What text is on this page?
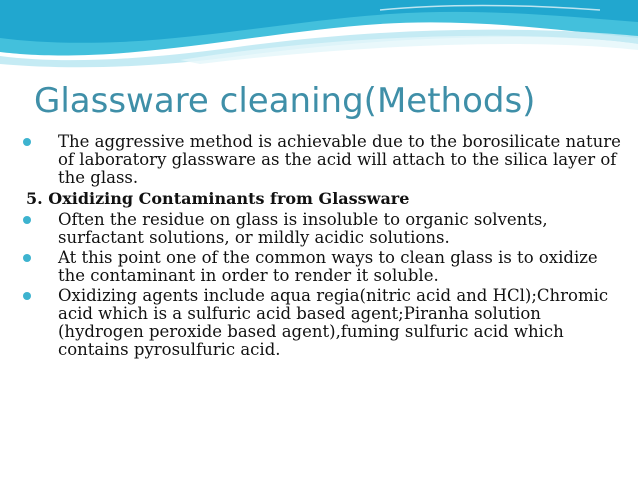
Glassware cleaning(Methods)
The aggressive method is achievable due to the borosilicate nature of laboratory glassware as the acid will attach to the silica layer of the glass.
5. Oxidizing Contaminants from Glassware
Often the residue on glass is insoluble to organic solvents, surfactant solutions, or mildly acidic solutions.
At this point one of the common ways to clean glass is to oxidize the contaminant in order to render it soluble.
Oxidizing agents include aqua regia(nitric acid and HCl);Chromic acid which is a sulfuric acid based agent;Piranha solution (hydrogen peroxide based agent),fuming sulfuric acid which contains pyrosulfuric acid.
